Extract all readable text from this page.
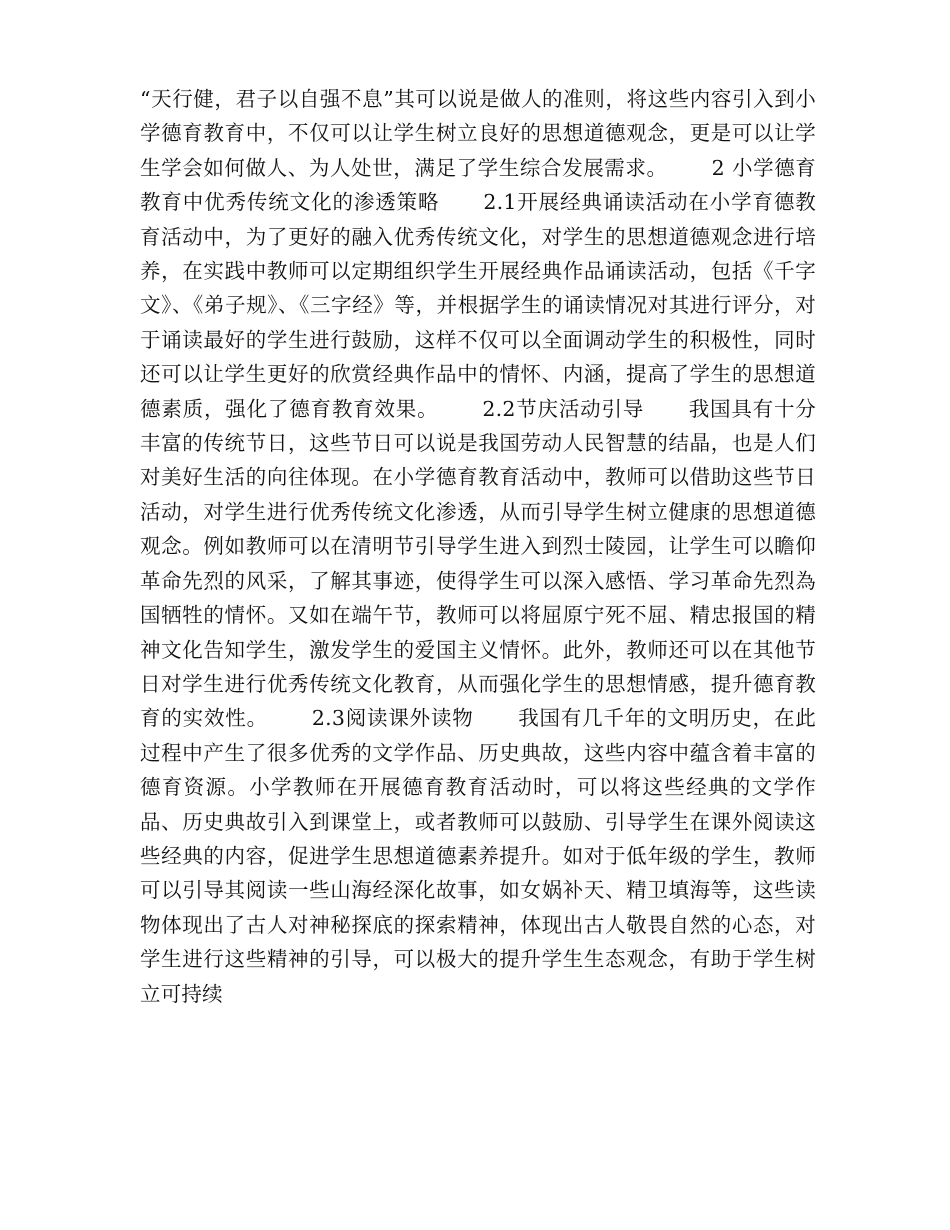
“天行健，君子以自强不息”其可以说是做人的准则，将这些内容引入到小学德育教育中，不仅可以让学生树立良好的思想道德观念，更是可以让学生学会如何做人、为人处世，满足了学生综合发展需求。 2 小学德育教育中优秀传统文化的渗透策略 2.1开展经典诵读活动在小学育德教育活动中，为了更好的融入优秀传统文化，对学生的思想道德观念进行培养，在实践中教师可以定期组织学生开展经典作品诵读活动，包括《千字文》、《弟子规》、《三字经》等，并根据学生的诵读情况对其进行评分，对于诵读最好的学生进行鼓励，这样不仅可以全面调动学生的积极性，同时还可以让学生更好的欣赏经典作品中的情怀、内涵，提高了学生的思想道德素质，强化了德育教育效果。 2.2节庆活动引导 我国具有十分丰富的传统节日，这些节日可以说是我国劳动人民智慧的结晶，也是人们对美好生活的向往体现。在小学德育教育活动中，教师可以借助这些节日活动，对学生进行优秀传统文化渗透，从而引导学生树立健康的思想道德观念。例如教师可以在清明节引导学生进入到烈士陵园，让学生可以瞻仰革命先烈的风采，了解其事迹，使得学生可以深入感悟、学习革命先烈為国牺牲的情怀。又如在端午节，教师可以将屈原宁死不屈、精忠报国的精神文化告知学生，激发学生的爱国主义情怀。此外，教师还可以在其他节日对学生进行优秀传统文化教育，从而强化学生的思想情感，提升德育教育的实效性。 2.3阅读课外读物 我国有几千年的文明历史，在此过程中产生了很多优秀的文学作品、历史典故，这些内容中蕴含着丰富的德育资源。小学教师在开展德育教育活动时，可以将这些经典的文学作品、历史典故引入到课堂上，或者教师可以鼓励、引导学生在课外阅读这些经典的内容，促进学生思想道德素养提升。如对于低年级的学生，教师可以引导其阅读一些山海经深化故事，如女娲补天、精卫填海等，这些读物体现出了古人对神秘探底的探索精神，体现出古人敬畏自然的心态，对学生进行这些精神的引导，可以极大的提升学生生态观念，有助于学生树立可持续
